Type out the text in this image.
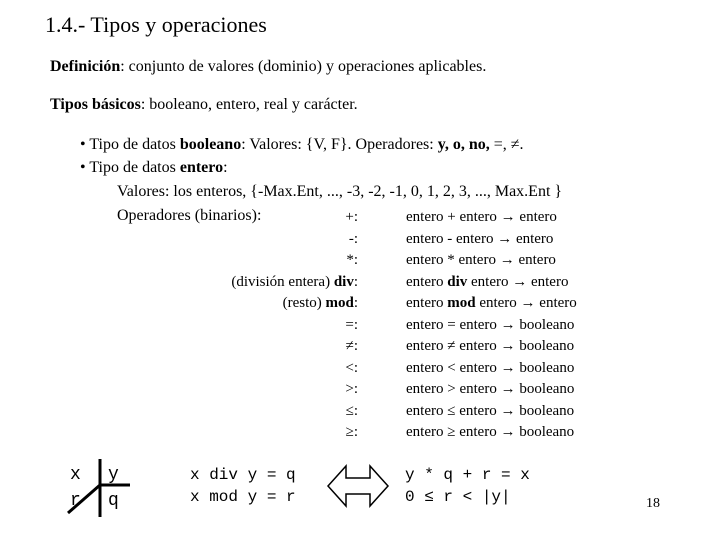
1.4.- Tipos y operaciones
Definición: conjunto de valores (dominio) y operaciones aplicables.
Tipos básicos: booleano, entero, real y carácter.
• Tipo de datos booleano: Valores: {V, F}. Operadores: y, o, no, =, ≠.
• Tipo de datos entero:
Valores: los enteros, {-Max.Ent, ..., -3, -2, -1, 0, 1, 2, 3, ..., Max.Ent }
Operadores (binarios):	+:	entero + entero → entero
-:	entero - entero → entero
*:	entero * entero → entero
(división entera) div:	entero div entero → entero
(resto) mod:	entero mod entero → entero
=:	entero = entero → booleano
≠:	entero ≠ entero → booleano
<:	entero < entero → booleano
>:	entero > entero → booleano
≤:	entero ≤ entero → booleano
≥:	entero ≥ entero → booleano
x y
r q
x div y = q
x mod y = r
y * q + r = x
0 ≤ r < |y|	18
